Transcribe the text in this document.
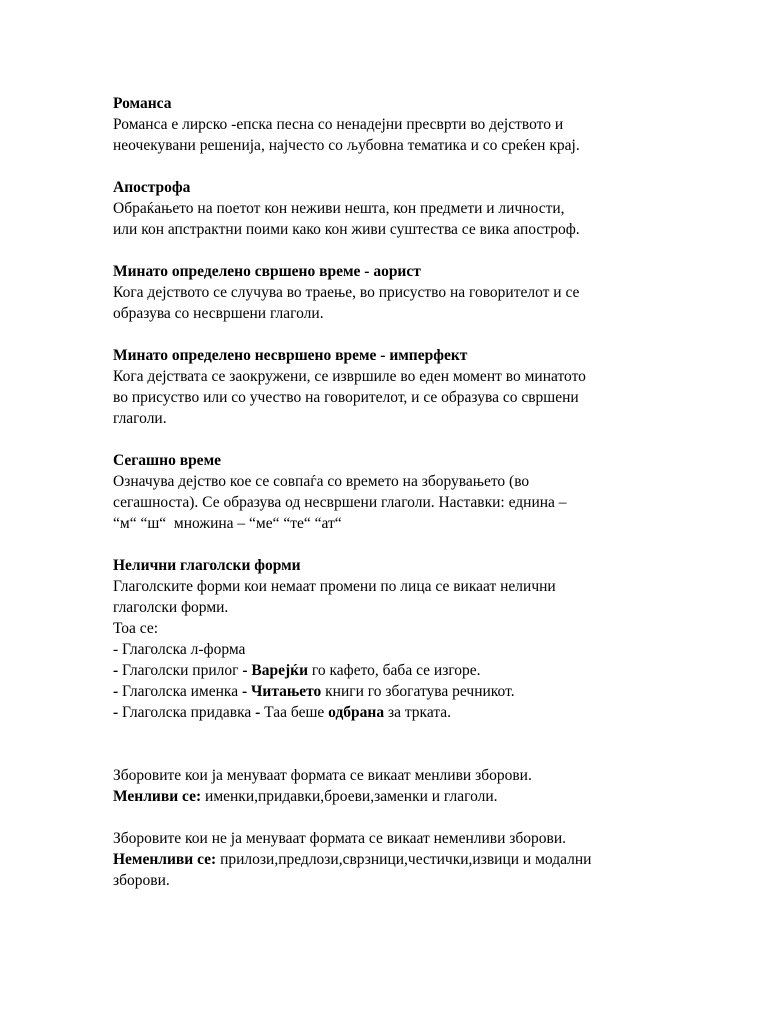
Романса
Романса е лирско -епска песна со ненадејни пресврти во дејството и
неочекувани решенија, најчесто со љубовна тематика и со среќен крај.
Апострофа
Обраќањето на поетот кон неживи нешта, кон предмети и личности,
или кон апстрактни поими како кон живи суштества се вика апостроф.
Минато определено свршено време - аорист
Кога дејството се случува во траење, во присуство на говорителот и се
образува со несвршени глаголи.
Минато определено несвршено време - имперфект
Кога дејствата се заокружени, се извршиле во еден момент во минатото
во присуство или со учество на говорителот, и се образува со свршени
глаголи.
Сегашно време
Означува дејство кое се совпаѓа со времето на зборувањето (во
сегашноста). Се образува од несвршени глаголи. Наставки: еднина –
“м“ “ш“  множина – “ме“ “те“ “ат“
Нелични глаголски форми
Глаголските форми кои немаат промени по лица се викаат нелични
глаголски форми.
Тоа се:
- Глаголска л-форма
- Глаголски прилог - Варејќи го кафето, баба се изгоре.
- Глаголска именка - Читањето книги го збогатува речникот.
- Глаголска придавка - Таа беше одбрана за трката.
Зборовите кои ја менуваат формата се викаат менливи зборови.
Менливи се: именки,придавки,броеви,заменки и глаголи.
Зборовите кои не ја менуваат формата се викаат неменливи зборови.
Неменливи се: прилози,предлози,сврзници,честички,извици и модални
зборови.
